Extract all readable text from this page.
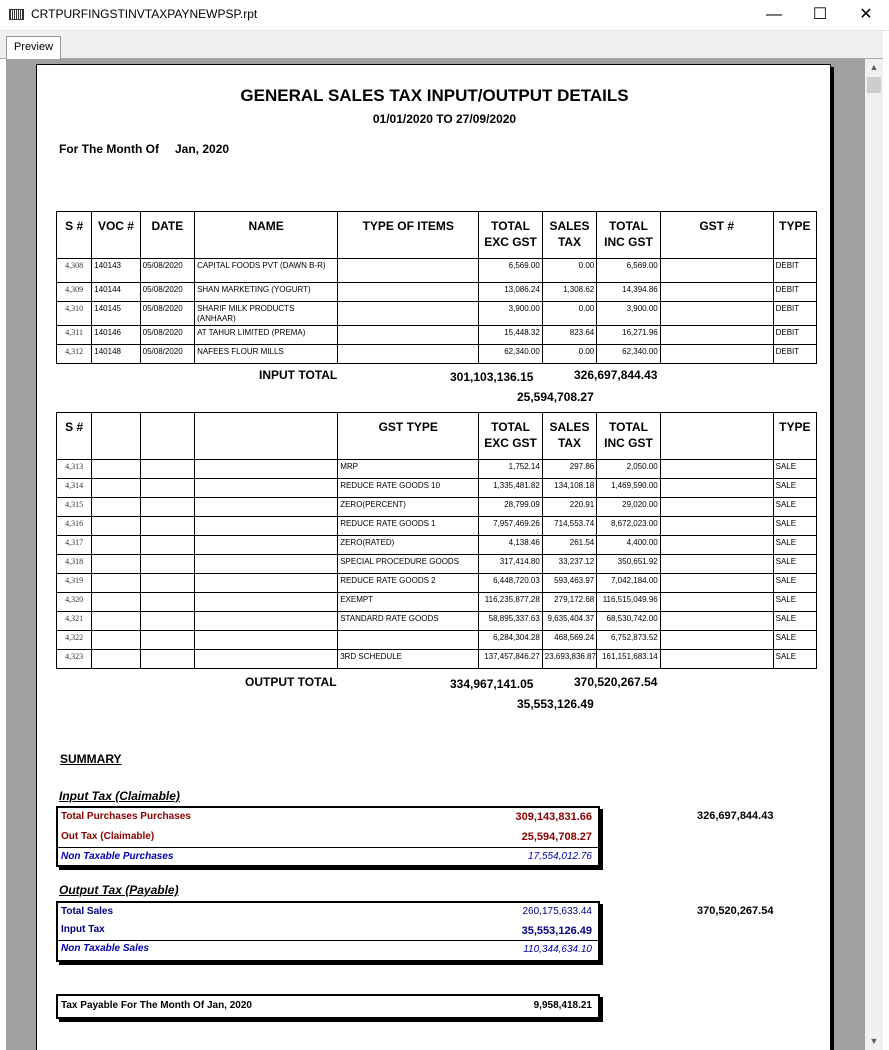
CRTPURFINGSTINVTAXPAYNEWPSP.rpt	—	☐	✕
Preview
GENERAL SALES TAX INPUT/OUTPUT DETAILS
01/01/2020 TO 27/09/2020
For The Month Of Jan, 2020
S #	VOC #	DATE	NAME	TYPE OF ITEMS	TOTAL EXC GST	SALES TAX	TOTAL INC GST	GST #	TYPE
4,308	140143	05/08/2020	CAPITAL FOODS PVT (DAWN B-R)		6,569.00	0.00	6,569.00		DEBIT
4,309	140144	05/08/2020	SHAN MARKETING (YOGURT)		13,086.24	1,308.62	14,394.86		DEBIT
4,310	140145	05/08/2020	SHARIF MILK PRODUCTS (ANHAAR)		3,900.00	0.00	3,900.00		DEBIT
4,311	140146	05/08/2020	AT TAHUR LIMITED (PREMA)		15,448.32	823.64	16,271.96		DEBIT
4,312	140148	05/08/2020	NAFEES FLOUR MILLS		62,340.00	0.00	62,340.00		DEBIT
INPUT TOTAL	301,103,136.15	326,697,844.43
25,594,708.27
S #				GST TYPE	TOTAL EXC GST	SALES TAX	TOTAL INC GST		TYPE
4,313				MRP	1,752.14	297.86	2,050.00		SALE
4,314				REDUCE RATE GOODS 10	1,335,481.82	134,108.18	1,469,590.00		SALE
4,315				ZERO(PERCENT)	28,799.09	220.91	29,020.00		SALE
4,316				REDUCE RATE GOODS 1	7,957,469.26	714,553.74	8,672,023.00		SALE
4,317				ZERO(RATED)	4,138.46	261.54	4,400.00		SALE
4,318				SPECIAL PROCEDURE GOODS	317,414.80	33,237.12	350,651.92		SALE
4,319				REDUCE RATE GOODS 2	6,448,720.03	593,463.97	7,042,184.00		SALE
4,320				EXEMPT	116,235,877.28	279,172.68	116,515,049.96		SALE
4,321				STANDARD RATE GOODS	58,895,337.63	9,635,404.37	68,530,742.00		SALE
4,322					6,284,304.28	468,569.24	6,752,873.52		SALE
4,323				3RD SCHEDULE	137,457,846.27	23,693,836.87	161,151,683.14		SALE
OUTPUT TOTAL	334,967,141.05	370,520,267.54
35,553,126.49
SUMMARY
Input Tax (Claimable)
Total Purchases Purchases	309,143,831.66
Out Tax (Claimable)	25,594,708.27
Non Taxable Purchases	17,554,012.76
326,697,844.43
Output Tax (Payable)
Total Sales	260,175,633.44
Input Tax	35,553,126.49
Non Taxable Sales	110,344,634.10
370,520,267.54
Tax Payable For The Month Of Jan, 2020	9,958,418.21
▲
▼
